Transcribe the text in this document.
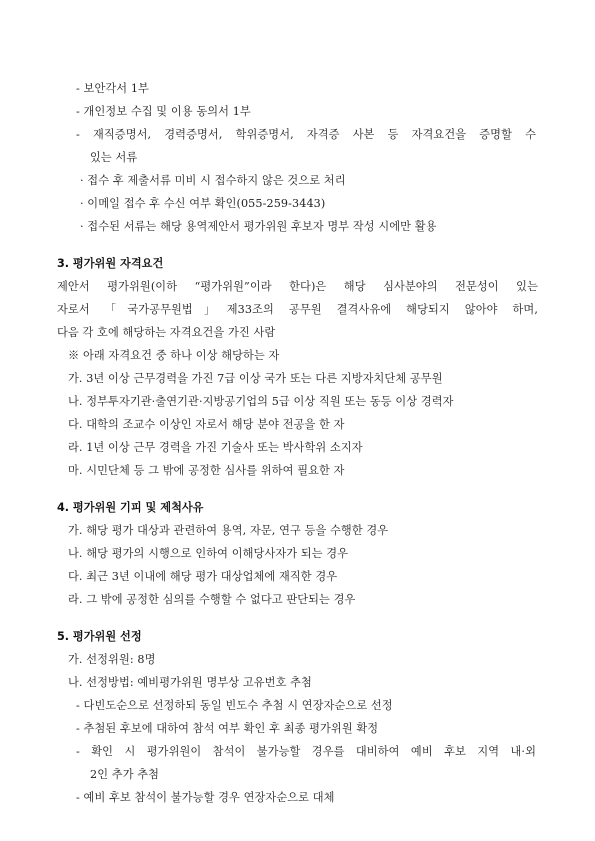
- 보안각서 1부
- 개인정보 수집 및 이용 동의서 1부
- 재직증명서, 경력증명서, 학위증명서, 자격증 사본 등 자격요건을 증명할 수
있는 서류
· 접수 후 제출서류 미비 시 접수하지 않은 것으로 처리
· 이메일 접수 후 수신 여부 확인(055-259-3443)
· 접수된 서류는 해당 용역제안서 평가위원 후보자 명부 작성 시에만 활용
3. 평가위원 자격요건
제안서 평가위원(이하 “평가위원”이라 한다)은 해당 심사분야의 전문성이 있는
자로서 「국가공무원법」제33조의 공무원 결격사유에 해당되지 않아야 하며,
다음 각 호에 해당하는 자격요건을 가진 사람
※ 아래 자격요건 중 하나 이상 해당하는 자
가. 3년 이상 근무경력을 가진 7급 이상 국가 또는 다른 지방자치단체 공무원
나. 정부투자기관·출연기관·지방공기업의 5급 이상 직원 또는 동등 이상 경력자
다. 대학의 조교수 이상인 자로서 해당 분야 전공을 한 자
라. 1년 이상 근무 경력을 가진 기술사 또는 박사학위 소지자
마. 시민단체 등 그 밖에 공정한 심사를 위하여 필요한 자
4. 평가위원 기피 및 제척사유
가. 해당 평가 대상과 관련하여 용역, 자문, 연구 등을 수행한 경우
나. 해당 평가의 시행으로 인하여 이해당사자가 되는 경우
다. 최근 3년 이내에 해당 평가 대상업체에 재직한 경우
라. 그 밖에 공정한 심의를 수행할 수 없다고 판단되는 경우
5. 평가위원 선정
가. 선정위원: 8명
나. 선정방법: 예비평가위원 명부상 고유번호 추첨
- 다빈도순으로 선정하되 동일 빈도수 추첨 시 연장자순으로 선정
- 추첨된 후보에 대하여 참석 여부 확인 후 최종 평가위원 확정
- 확인 시 평가위원이 참석이 불가능할 경우를 대비하여 예비 후보 지역 내·외
2인 추가 추첨
- 예비 후보 참석이 불가능할 경우 연장자순으로 대체
